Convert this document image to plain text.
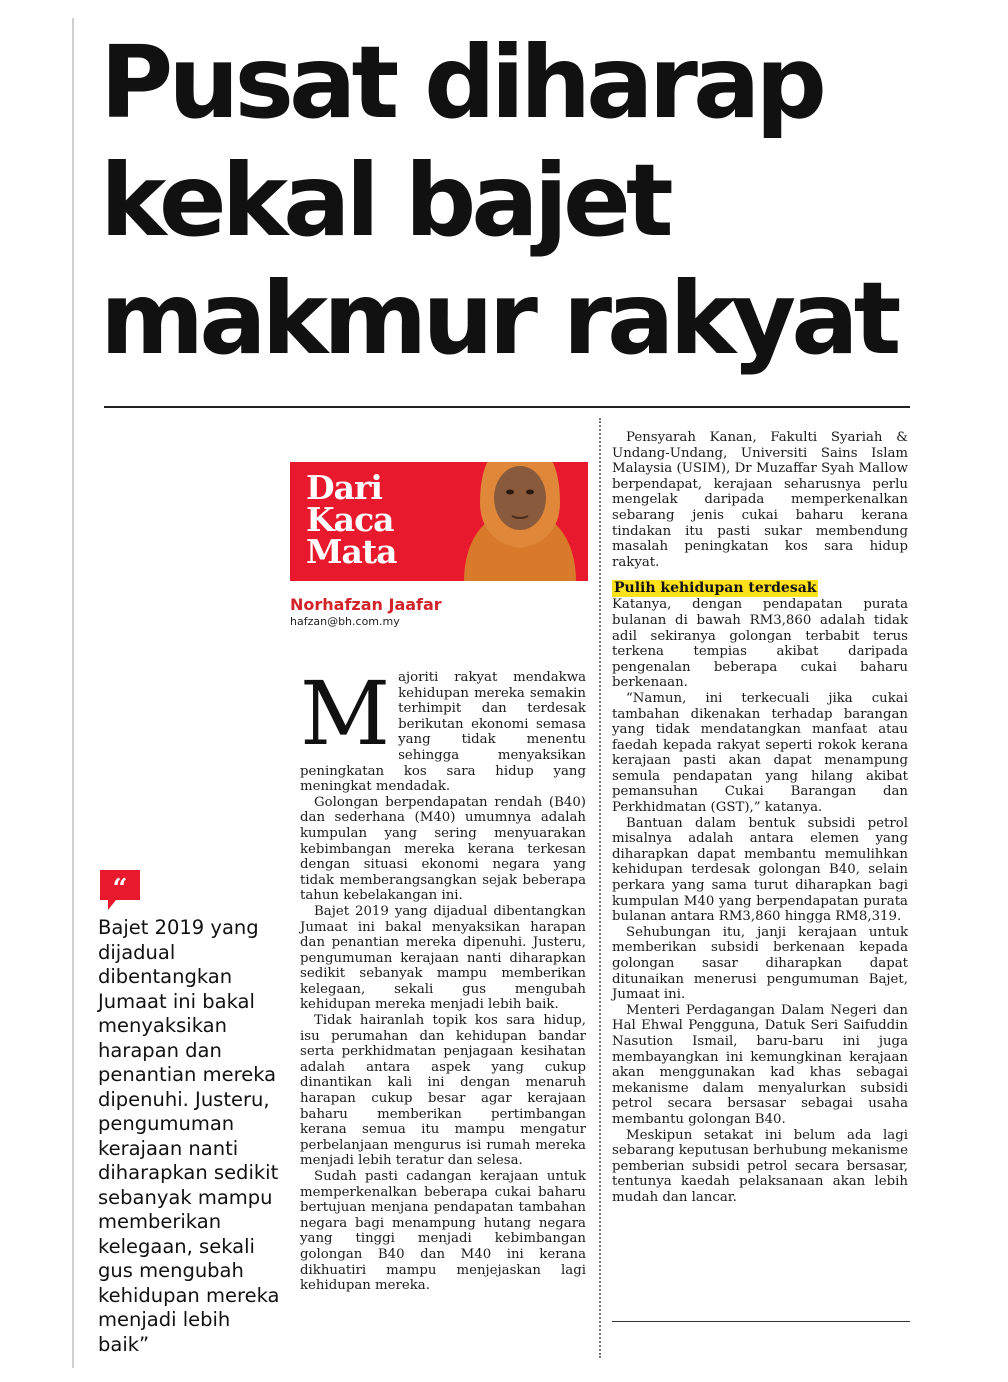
Pusat diharap
kekal bajet
makmur rakyat
Dari
Kaca
Mata

Norhafzan Jaafar

hafzan@bh.com.my

“

Bajet 2019 yang dijadual dibentangkan Jumaat ini bakal menyaksikan harapan dan penantian mereka dipenuhi. Justeru, pengumuman kerajaan nanti diharapkan sedikit sebanyak mampu memberikan kelegaan, sekali gus mengubah kehidupan mereka menjadi lebih baik”

Majoriti rakyat mendakwa kehidupan mereka semakin terhimpit dan terdesak berikutan ekonomi semasa yang tidak menentu sehingga menyaksikan peningkatan kos sara hidup yang meningkat mendadak.

Golongan berpendapatan rendah (B40) dan sederhana (M40) umumnya adalah kumpulan yang sering menyuarakan kebimbangan mereka kerana terkesan dengan situasi ekonomi negara yang tidak memberangsangkan sejak beberapa tahun kebelakangan ini.

Bajet 2019 yang dijadual dibentangkan Jumaat ini bakal menyaksikan harapan dan penantian mereka dipenuhi. Justeru, pengumuman kerajaan nanti diharapkan sedikit sebanyak mampu memberikan kelegaan, sekali gus mengubah kehidupan mereka menjadi lebih baik.

Tidak hairanlah topik kos sara hidup, isu perumahan dan kehidupan bandar serta perkhidmatan penjagaan kesihatan adalah antara aspek yang cukup dinantikan kali ini dengan menaruh harapan cukup besar agar kerajaan baharu memberikan pertimbangan kerana semua itu mampu mengatur perbelanjaan mengurus isi rumah mereka menjadi lebih teratur dan selesa.

Sudah pasti cadangan kerajaan untuk memperkenalkan beberapa cukai baharu bertujuan menjana pendapatan tambahan negara bagi menampung hutang negara yang tinggi menjadi kebimbangan golongan B40 dan M40 ini kerana dikhuatiri mampu menjejaskan lagi kehidupan mereka.

Pensyarah Kanan, Fakulti Syariah & Undang-Undang, Universiti Sains Islam Malaysia (USIM), Dr Muzaffar Syah Mallow berpendapat, kerajaan seharusnya perlu mengelak daripada memperkenalkan sebarang jenis cukai baharu kerana tindakan itu pasti sukar membendung masalah peningkatan kos sara hidup rakyat.

Pulih kehidupan terdesak

Katanya, dengan pendapatan purata bulanan di bawah RM3,860 adalah tidak adil sekiranya golongan terbabit terus terkena tempias akibat daripada pengenalan beberapa cukai baharu berkenaan.

“Namun, ini terkecuali jika cukai tambahan dikenakan terhadap barangan yang tidak mendatangkan manfaat atau faedah kepada rakyat seperti rokok kerana kerajaan pasti akan dapat menampung semula pendapatan yang hilang akibat pemansuhan Cukai Barangan dan Perkhidmatan (GST),” katanya.

Bantuan dalam bentuk subsidi petrol misalnya adalah antara elemen yang diharapkan dapat membantu memulihkan kehidupan terdesak golongan B40, selain perkara yang sama turut diharapkan bagi kumpulan M40 yang berpendapatan purata bulanan antara RM3,860 hingga RM8,319.

Sehubungan itu, janji kerajaan untuk memberikan subsidi berkenaan kepada golongan sasar diharapkan dapat ditunaikan menerusi pengumuman Bajet, Jumaat ini.

Menteri Perdagangan Dalam Negeri dan Hal Ehwal Pengguna, Datuk Seri Saifuddin Nasution Ismail, baru-baru ini juga membayangkan ini kemungkinan kerajaan akan menggunakan kad khas sebagai mekanisme dalam menyalurkan subsidi petrol secara bersasar sebagai usaha membantu golongan B40.

Meskipun setakat ini belum ada lagi sebarang keputusan berhubung mekanisme pemberian subsidi petrol secara bersasar, tentunya kaedah pelaksanaan akan lebih mudah dan lancar.
